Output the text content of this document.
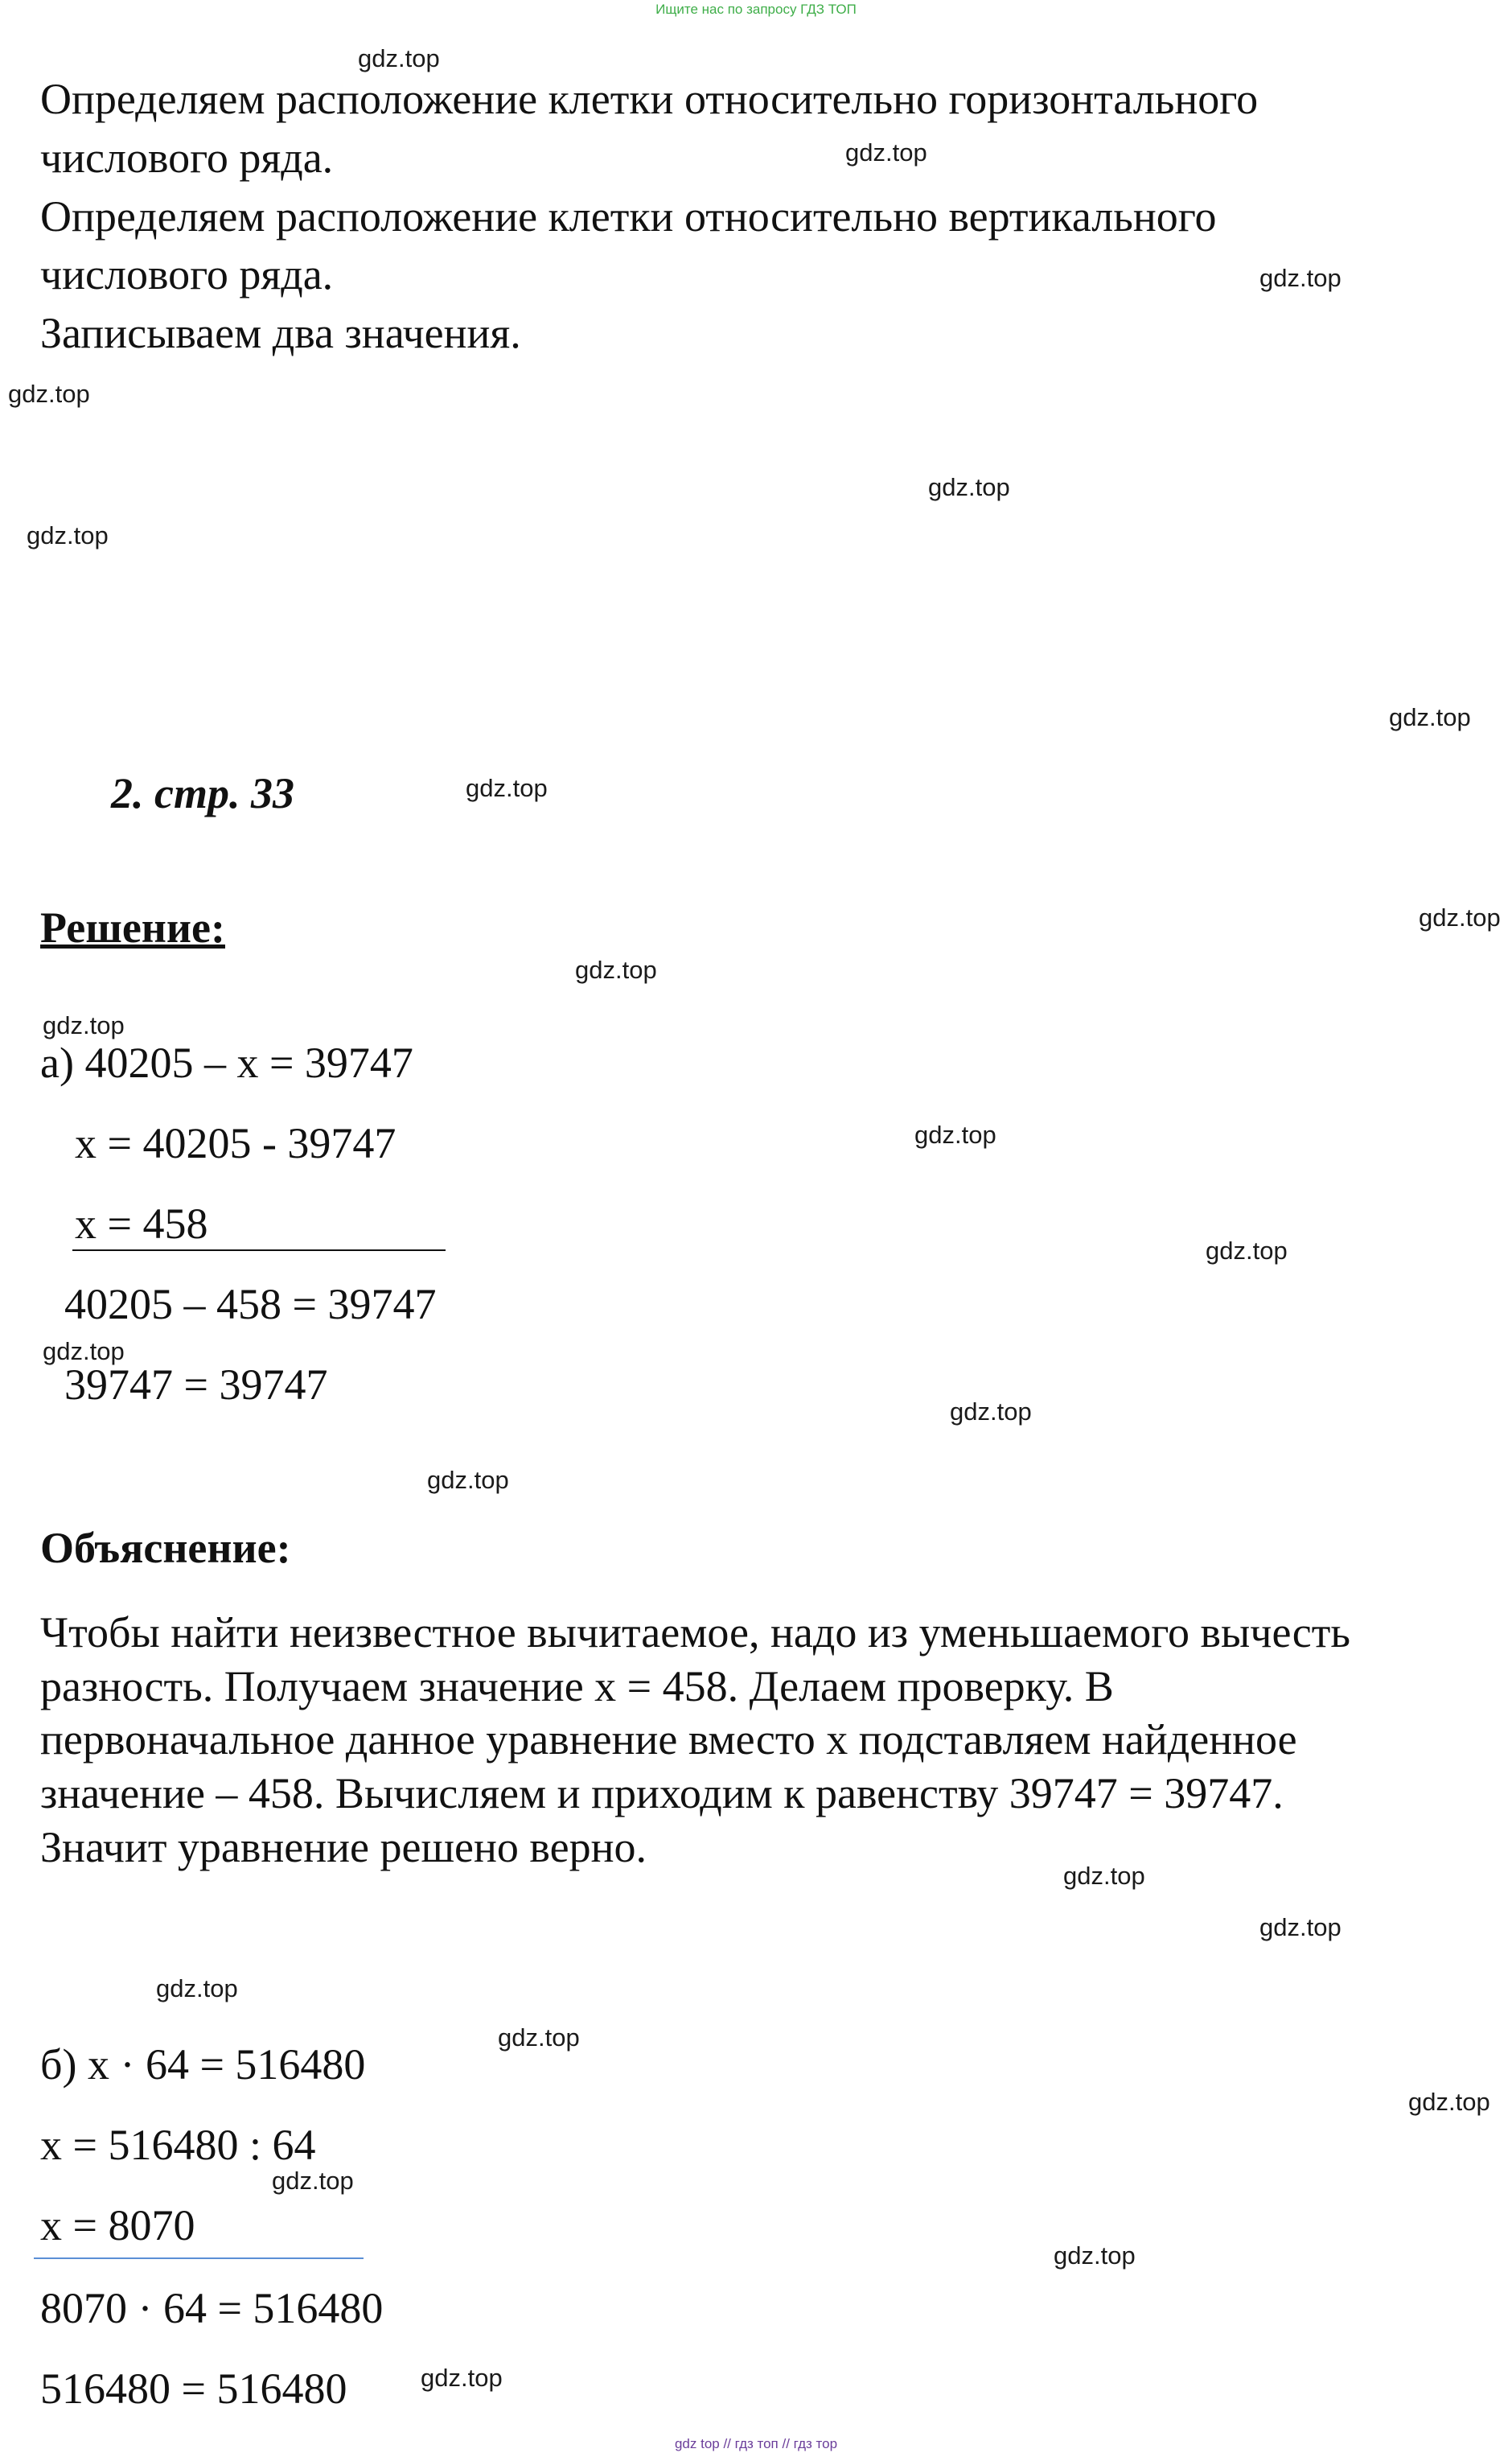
Ищите нас по запросу ГДЗ ТОП
gdz.top
gdz.top
gdz.top
gdz.top
gdz.top
gdz.top
gdz.top
gdz.top
gdz.top
gdz.top
gdz.top
gdz.top
gdz.top
gdz.top
gdz.top
gdz.top
gdz.top
gdz.top
gdz.top
gdz.top
gdz.top
gdz.top
gdz.top
gdz.top
Определяем расположение клетки относительно горизонтального
числового ряда.
Определяем расположение клетки относительно вертикального
числового ряда.
Записываем два значения.
2. стр. 33
Решение:
а) 40205 – х = 39747
х = 40205 - 39747
х = 458
40205 – 458 = 39747
39747 = 39747
Объяснение:
Чтобы найти неизвестное вычитаемое, надо из уменьшаемого вычесть
разность. Получаем значение х = 458. Делаем проверку. В
первоначальное данное уравнение вместо х подставляем найденное
значение – 458. Вычисляем и приходим к равенству 39747 = 39747.
Значит уравнение решено верно.
б) х · 64 = 516480
х = 516480 : 64
х = 8070
8070 · 64 = 516480
516480 = 516480
gdz top // гдз топ // гдз тор
